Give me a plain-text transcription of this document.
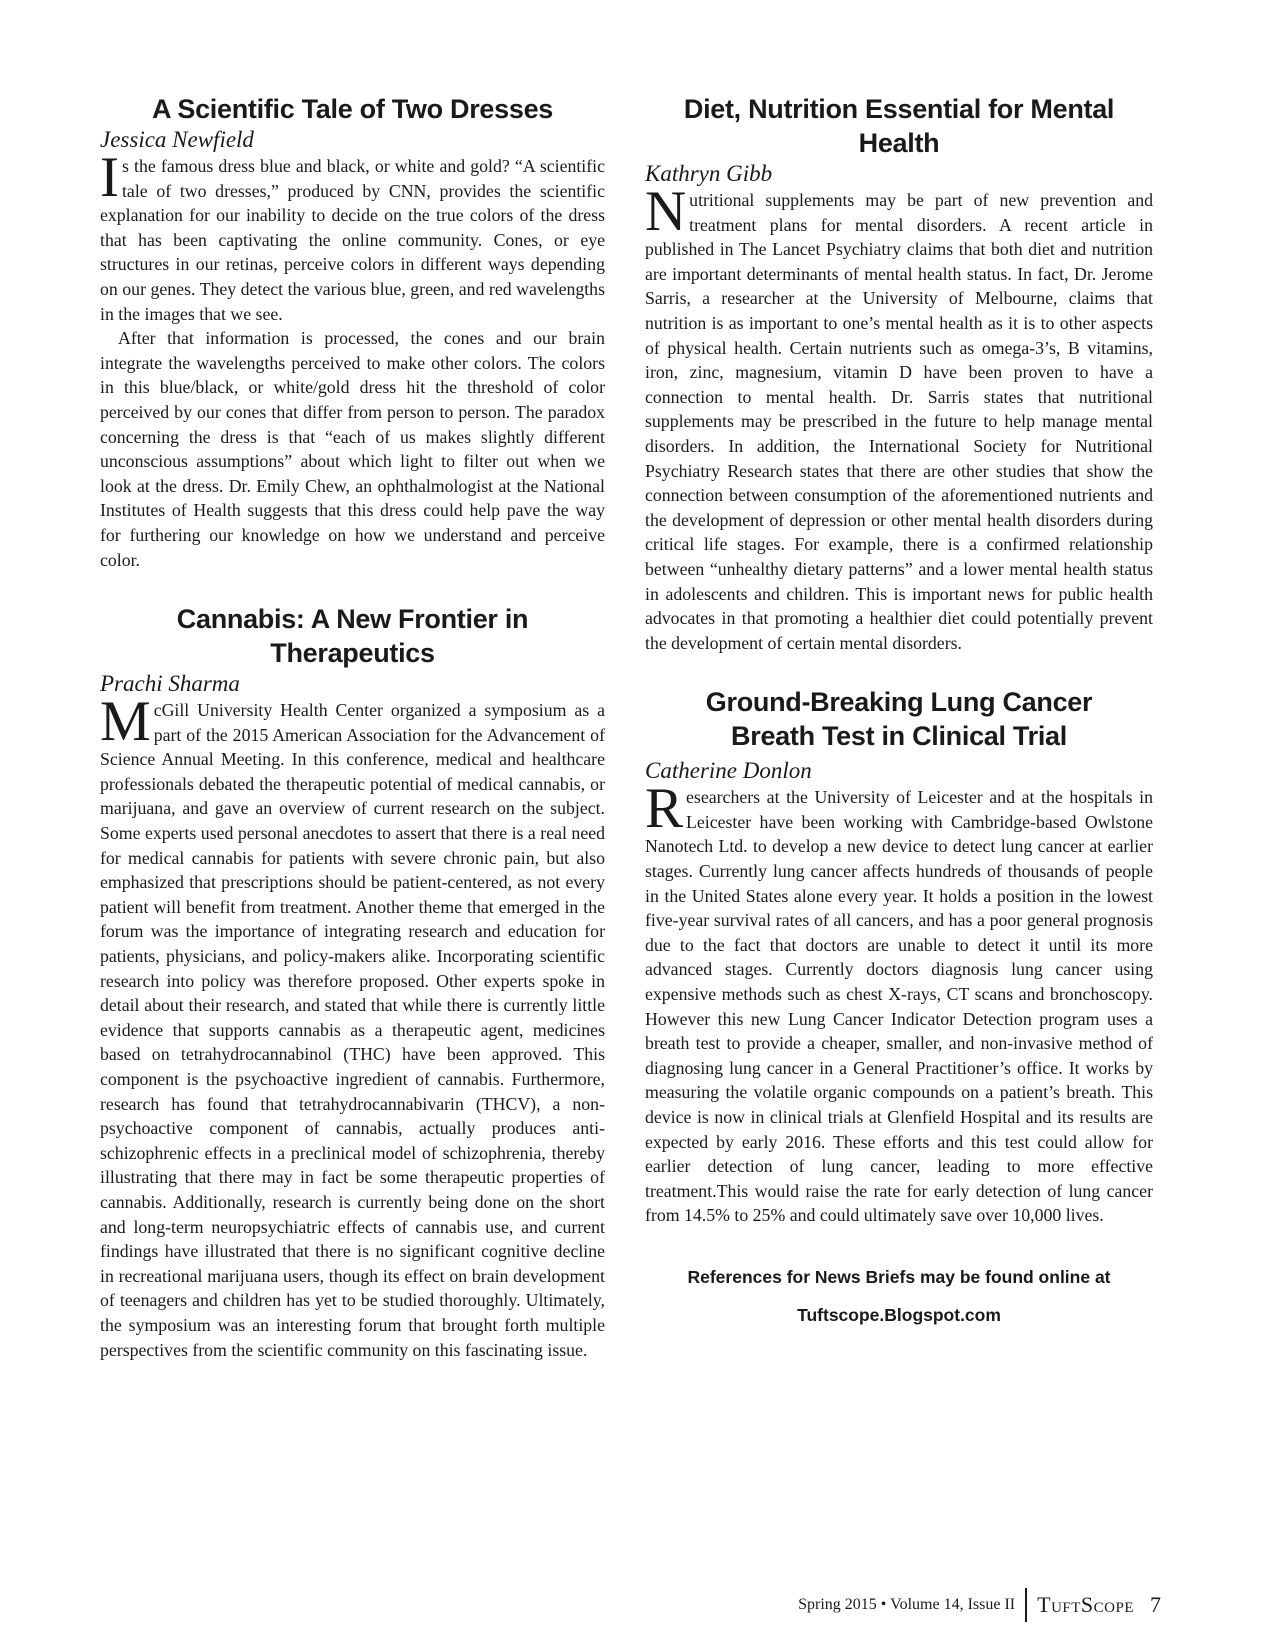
A Scientific Tale of Two Dresses
Jessica Newfield

Is the famous dress blue and black, or white and gold? “A scientific tale of two dresses,” produced by CNN, provides the scientific explanation for our inability to decide on the true colors of the dress that has been captivating the online community. Cones, or eye structures in our retinas, perceive colors in different ways depending on our genes. They detect the various blue, green, and red wavelengths in the images that we see.

After that information is processed, the cones and our brain integrate the wavelengths perceived to make other colors. The colors in this blue/black, or white/gold dress hit the threshold of color perceived by our cones that differ from person to person. The paradox concerning the dress is that “each of us makes slightly different unconscious assumptions” about which light to filter out when we look at the dress. Dr. Emily Chew, an ophthalmologist at the National Institutes of Health suggests that this dress could help pave the way for furthering our knowledge on how we understand and perceive color.

Cannabis: A New Frontier in Therapeutics
Prachi Sharma

McGill University Health Center organized a symposium as a part of the 2015 American Association for the Advancement of Science Annual Meeting. In this conference, medical and healthcare professionals debated the therapeutic potential of medical cannabis, or marijuana, and gave an overview of current research on the subject. Some experts used personal anecdotes to assert that there is a real need for medical cannabis for patients with severe chronic pain, but also emphasized that prescriptions should be patient-centered, as not every patient will benefit from treatment. Another theme that emerged in the forum was the importance of integrating research and education for patients, physicians, and policy-makers alike. Incorporating scientific research into policy was therefore proposed. Other experts spoke in detail about their research, and stated that while there is currently little evidence that supports cannabis as a therapeutic agent, medicines based on tetrahydrocannabinol (THC) have been approved. This component is the psychoactive ingredient of cannabis. Furthermore, research has found that tetrahydrocannabivarin (THCV), a non-psychoactive component of cannabis, actually produces anti-schizophrenic effects in a preclinical model of schizophrenia, thereby illustrating that there may in fact be some therapeutic properties of cannabis. Additionally, research is currently being done on the short and long-term neuropsychiatric effects of cannabis use, and current findings have illustrated that there is no significant cognitive decline in recreational marijuana users, though its effect on brain development of teenagers and children has yet to be studied thoroughly. Ultimately, the symposium was an interesting forum that brought forth multiple perspectives from the scientific community on this fascinating issue.

Diet, Nutrition Essential for Mental Health
Kathryn Gibb

Nutritional supplements may be part of new prevention and treatment plans for mental disorders. A recent article in published in The Lancet Psychiatry claims that both diet and nutrition are important determinants of mental health status. In fact, Dr. Jerome Sarris, a researcher at the University of Melbourne, claims that nutrition is as important to one’s mental health as it is to other aspects of physical health. Certain nutrients such as omega-3’s, B vitamins, iron, zinc, magnesium, vitamin D have been proven to have a connection to mental health. Dr. Sarris states that nutritional supplements may be prescribed in the future to help manage mental disorders. In addition, the International Society for Nutritional Psychiatry Research states that there are other studies that show the connection between consumption of the aforementioned nutrients and the development of depression or other mental health disorders during critical life stages. For example, there is a confirmed relationship between “unhealthy dietary patterns” and a lower mental health status in adolescents and children. This is important news for public health advocates in that promoting a healthier diet could potentially prevent the development of certain mental disorders.

Ground-Breaking Lung Cancer Breath Test in Clinical Trial
Catherine Donlon

Researchers at the University of Leicester and at the hospitals in Leicester have been working with Cambridge-based Owlstone Nanotech Ltd. to develop a new device to detect lung cancer at earlier stages. Currently lung cancer affects hundreds of thousands of people in the United States alone every year. It holds a position in the lowest five-year survival rates of all cancers, and has a poor general prognosis due to the fact that doctors are unable to detect it until its more advanced stages. Currently doctors diagnosis lung cancer using expensive methods such as chest X-rays, CT scans and bronchoscopy. However this new Lung Cancer Indicator Detection program uses a breath test to provide a cheaper, smaller, and non-invasive method of diagnosing lung cancer in a General Practitioner’s office. It works by measuring the volatile organic compounds on a patient’s breath. This device is now in clinical trials at Glenfield Hospital and its results are expected by early 2016. These efforts and this test could allow for earlier detection of lung cancer, leading to more effective treatment.This would raise the rate for early detection of lung cancer from 14.5% to 25% and could ultimately save over 10,000 lives.

References for News Briefs may be found online at
Tuftscope.Blogspot.com
Spring 2015 • Volume 14, Issue II TuftScope 7
